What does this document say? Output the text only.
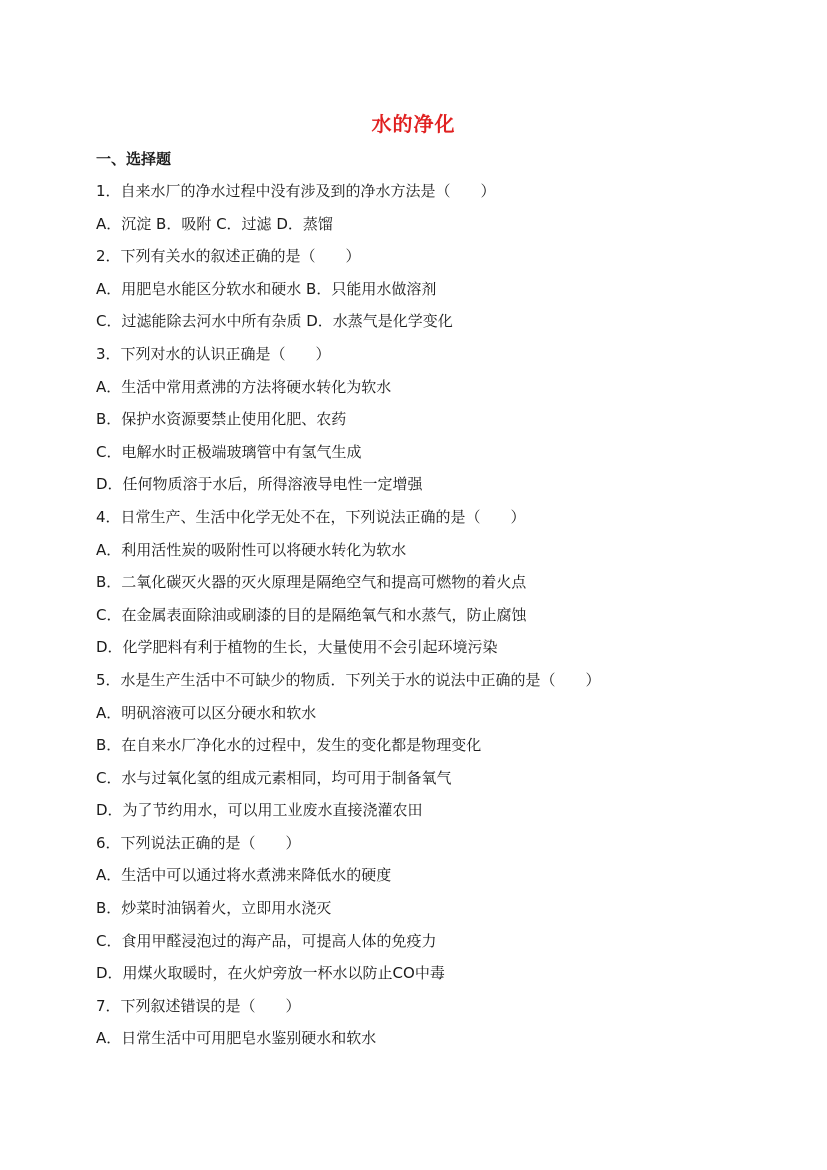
水的净化
一、选择题
1．自来水厂的净水过程中没有涉及到的净水方法是（　　）
A．沉淀 B．吸附 C．过滤 D．蒸馏
2．下列有关水的叙述正确的是（　　）
A．用肥皂水能区分软水和硬水 B．只能用水做溶剂
C．过滤能除去河水中所有杂质 D．水蒸气是化学变化
3．下列对水的认识正确是（　　）
A．生活中常用煮沸的方法将硬水转化为软水
B．保护水资源要禁止使用化肥、农药
C．电解水时正极端玻璃管中有氢气生成
D．任何物质溶于水后，所得溶液导电性一定增强
4．日常生产、生活中化学无处不在，下列说法正确的是（　　）
A．利用活性炭的吸附性可以将硬水转化为软水
B．二氧化碳灭火器的灭火原理是隔绝空气和提高可燃物的着火点
C．在金属表面除油或刷漆的目的是隔绝氧气和水蒸气，防止腐蚀
D．化学肥料有利于植物的生长，大量使用不会引起环境污染
5．水是生产生活中不可缺少的物质．下列关于水的说法中正确的是（　　）
A．明矾溶液可以区分硬水和软水
B．在自来水厂净化水的过程中，发生的变化都是物理变化
C．水与过氧化氢的组成元素相同，均可用于制备氧气
D．为了节约用水，可以用工业废水直接浇灌农田
6．下列说法正确的是（　　）
A．生活中可以通过将水煮沸来降低水的硬度
B．炒菜时油锅着火，立即用水浇灭
C．食用甲醛浸泡过的海产品，可提高人体的免疫力
D．用煤火取暖时，在火炉旁放一杯水以防止CO中毒
7．下列叙述错误的是（　　）
A．日常生活中可用肥皂水鉴别硬水和软水
